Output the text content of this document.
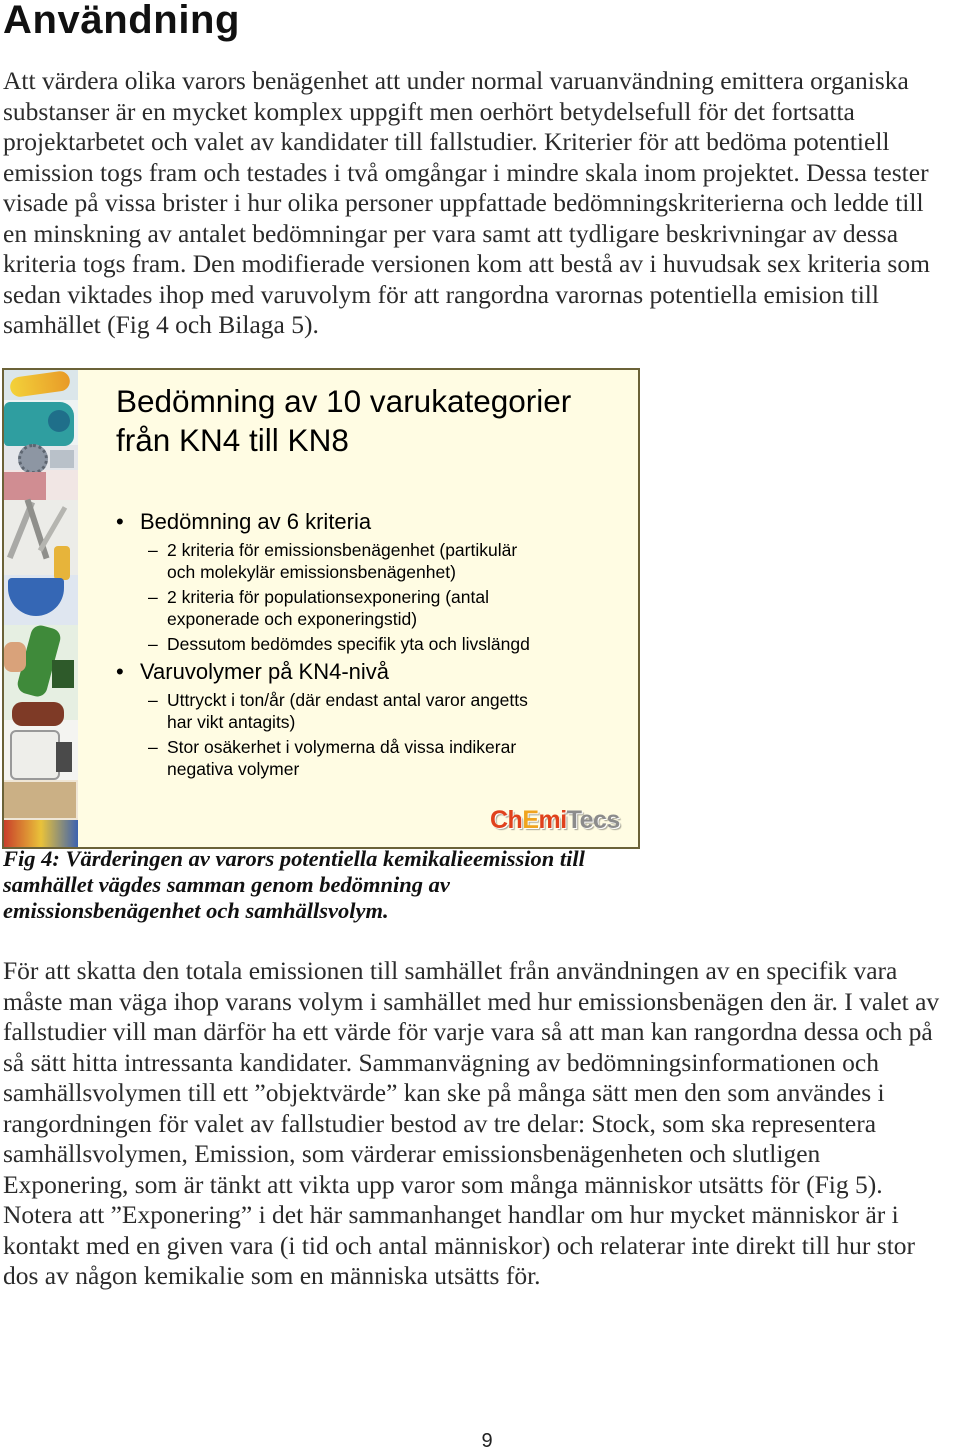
Användning
Att värdera olika varors benägenhet att under normal varuanvändning emittera organiska
substanser är en mycket komplex uppgift men oerhört betydelsefull för det fortsatta
projektarbetet och valet av kandidater till fallstudier. Kriterier för att bedöma potentiell
emission togs fram och testades i två omgångar i mindre skala inom projektet. Dessa tester
visade på vissa brister i hur olika personer uppfattade bedömningskriterierna och ledde till
en minskning av antalet bedömningar per vara samt att tydligare beskrivningar av dessa
kriteria togs fram. Den modifierade versionen kom att bestå av i huvudsak sex kriteria som
sedan viktades ihop med varuvolym för att rangordna varornas potentiella emision till
samhället (Fig 4 och Bilaga 5).
Bedömning av 10 varukategorier
från KN4 till KN8
• Bedömning av 6 kriteria
– 2 kriteria för emissionsbenägenhet (partikulär
och molekylär emissionsbenägenhet)
– 2 kriteria för populationsexponering (antal
exponerade och exponeringstid)
– Dessutom bedömdes specifik yta och livslängd
• Varuvolymer på KN4-nivå
– Uttryckt i ton/år (där endast antal varor angetts
har vikt antagits)
– Stor osäkerhet i volymerna då vissa indikerar
negativa volymer
ChEmiTecs
Fig 4: Värderingen av varors potentiella kemikalieemission till
samhället vägdes samman genom bedömning av
emissionsbenägenhet och samhällsvolym.
För att skatta den totala emissionen till samhället från användningen av en specifik vara
måste man väga ihop varans volym i samhället med hur emissionsbenägen den är. I valet av
fallstudier vill man därför ha ett värde för varje vara så att man kan rangordna dessa och på
så sätt hitta intressanta kandidater. Sammanvägning av bedömningsinformationen och
samhällsvolymen till ett ”objektvärde” kan ske på många sätt men den som användes i
rangordningen för valet av fallstudier bestod av tre delar: Stock, som ska representera
samhällsvolymen, Emission, som värderar emissionsbenägenheten och slutligen
Exponering, som är tänkt att vikta upp varor som många människor utsätts för (Fig 5).
Notera att ”Exponering” i det här sammanhanget handlar om hur mycket människor är i
kontakt med en given vara (i tid och antal människor) och relaterar inte direkt till hur stor
dos av någon kemikalie som en människa utsätts för.
9
